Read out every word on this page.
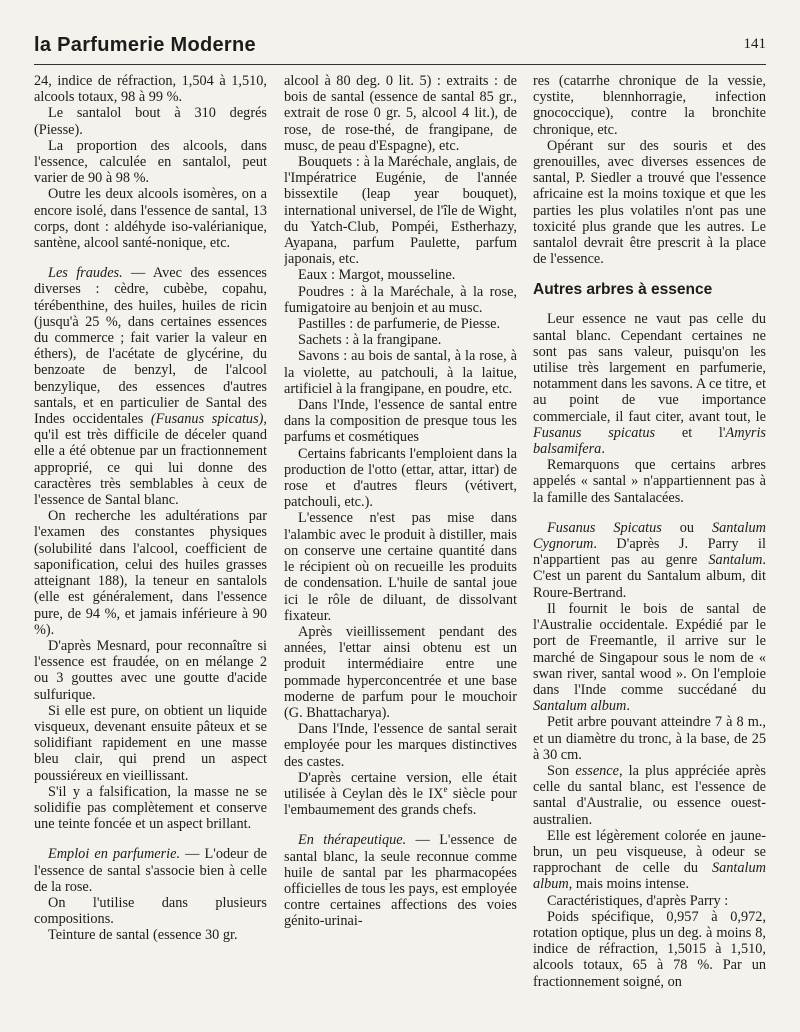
la Parfumerie Moderne	141

24, indice de réfraction, 1,504 à 1,510, alcools totaux, 98 à 99 %.

Le santalol bout à 310 degrés (Piesse).

La proportion des alcools, dans l'essence, calculée en santalol, peut varier de 90 à 98 %.

Outre les deux alcools isomères, on a encore isolé, dans l'essence de santal, 13 corps, dont : aldéhyde iso-valérianique, santène, alcool santé-nonique, etc.

Les fraudes. — Avec des essences diverses : cèdre, cubèbe, copahu, térébenthine, des huiles, huiles de ricin (jusqu'à 25 %, dans certaines essences du commerce ; fait varier la valeur en éthers), de l'acétate de glycérine, du benzoate de benzyl, de l'alcool benzylique, des essences d'autres santals, et en particulier de Santal des Indes occidentales (Fusanus spicatus), qu'il est très difficile de déceler quand elle a été obtenue par un fractionnement approprié, ce qui lui donne des caractères très semblables à ceux de l'essence de Santal blanc.

On recherche les adultérations par l'examen des constantes physiques (solubilité dans l'alcool, coefficient de saponification, celui des huiles grasses atteignant 188), la teneur en santalols (elle est généralement, dans l'essence pure, de 94 %, et jamais inférieure à 90 %).

D'après Mesnard, pour reconnaître si l'essence est fraudée, on en mélange 2 ou 3 gouttes avec une goutte d'acide sulfurique.

Si elle est pure, on obtient un liquide visqueux, devenant ensuite pâteux et se solidifiant rapidement en une masse bleu clair, qui prend un aspect poussiéreux en vieillissant.

S'il y a falsification, la masse ne se solidifie pas complètement et conserve une teinte foncée et un aspect brillant.

Emploi en parfumerie. — L'odeur de l'essence de santal s'associe bien à celle de la rose.

On l'utilise dans plusieurs compositions.

Teinture de santal (essence 30 gr.

alcool à 80 deg. 0 lit. 5) : extraits : de bois de santal (essence de santal 85 gr., extrait de rose 0 gr. 5, alcool 4 lit.), de rose, de rose-thé, de frangipane, de musc, de peau d'Espagne), etc.

Bouquets : à la Maréchale, anglais, de l'Impératrice Eugénie, de l'année bissextile (leap year bouquet), international universel, de l'île de Wight, du Yatch-Club, Pompéi, Estherhazy, Ayapana, parfum Paulette, parfum japonais, etc.

Eaux : Margot, mousseline.

Poudres : à la Maréchale, à la rose, fumigatoire au benjoin et au musc.

Pastilles : de parfumerie, de Piesse.

Sachets : à la frangipane.

Savons : au bois de santal, à la rose, à la violette, au patchouli, à la laitue, artificiel à la frangipane, en poudre, etc.

Dans l'Inde, l'essence de santal entre dans la composition de presque tous les parfums et cosmétiques

Certains fabricants l'emploient dans la production de l'otto (ettar, attar, ittar) de rose et d'autres fleurs (vétivert, patchouli, etc.).

L'essence n'est pas mise dans l'alambic avec le produit à distiller, mais on conserve une certaine quantité dans le récipient où on recueille les produits de condensation. L'huile de santal joue ici le rôle de diluant, de dissolvant fixateur.

Après vieillissement pendant des années, l'ettar ainsi obtenu est un produit intermédiaire entre une pommade hyperconcentrée et une base moderne de parfum pour le mouchoir (G. Bhattacharya).

Dans l'Inde, l'essence de santal serait employée pour les marques distinctives des castes.

D'après certaine version, elle était utilisée à Ceylan dès le IXe siècle pour l'embaumement des grands chefs.

En thérapeutique. — L'essence de santal blanc, la seule reconnue comme huile de santal par les pharmacopées officielles de tous les pays, est employée contre certaines affections des voies génito-urinai-

res (catarrhe chronique de la vessie, cystite, blennhorragie, infection gnococcique), contre la bronchite chronique, etc.

Opérant sur des souris et des grenouilles, avec diverses essences de santal, P. Siedler a trouvé que l'essence africaine est la moins toxique et que les parties les plus volatiles n'ont pas une toxicité plus grande que les autres. Le santalol devrait être prescrit à la place de l'essence.

Autres arbres à essence

Leur essence ne vaut pas celle du santal blanc. Cependant certaines ne sont pas sans valeur, puisqu'on les utilise très largement en parfumerie, notamment dans les savons. A ce titre, et au point de vue importance commerciale, il faut citer, avant tout, le Fusanus spicatus et l'Amyris balsamifera.

Remarquons que certains arbres appelés « santal » n'appartiennent pas à la famille des Santalacées.

Fusanus Spicatus ou Santalum Cygnorum. D'après J. Parry il n'appartient pas au genre Santalum. C'est un parent du Santalum album, dit Roure-Bertrand.

Il fournit le bois de santal de l'Australie occidentale. Expédié par le port de Freemantle, il arrive sur le marché de Singapour sous le nom de « swan river, santal wood ». On l'emploie dans l'Inde comme succédané du Santalum album.

Petit arbre pouvant atteindre 7 à 8 m., et un diamètre du tronc, à la base, de 25 à 30 cm.

Son essence, la plus appréciée après celle du santal blanc, est l'essence de santal d'Australie, ou essence ouest-australien.

Elle est légèrement colorée en jaune-brun, un peu visqueuse, à odeur se rapprochant de celle du Santalum album, mais moins intense.

Caractéristiques, d'après Parry :

Poids spécifique, 0,957 à 0,972, rotation optique, plus un deg. à moins 8, indice de réfraction, 1,5015 à 1,510, alcools totaux, 65 à 78 %. Par un fractionnement soigné, on
